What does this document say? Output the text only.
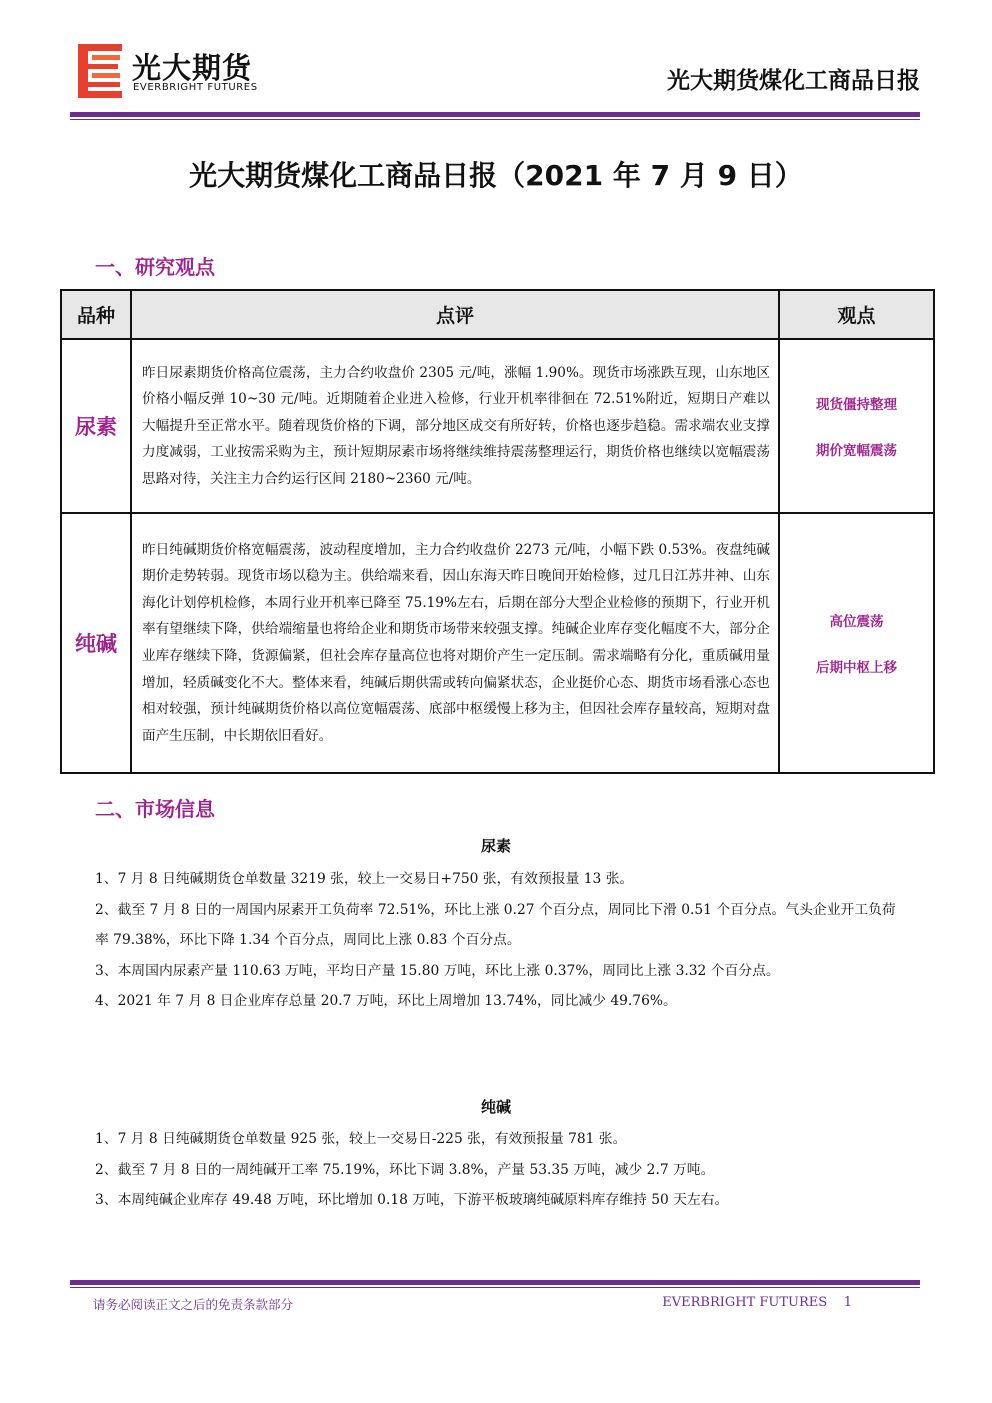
光大期货
EVERBRIGHT FUTURES	光大期货煤化工商品日报
光大期货煤化工商品日报（2021 年 7 月 9 日）
一、研究观点
品种	点评	观点
尿素	昨日尿素期货价格高位震荡，主力合约收盘价 2305 元/吨，涨幅 1.90%。现货市场涨跌互现，山东地区价格小幅反弹 10~30 元/吨。近期随着企业进入检修，行业开机率徘徊在 72.51%附近，短期日产难以大幅提升至正常水平。随着现货价格的下调，部分地区成交有所好转，价格也逐步趋稳。需求端农业支撑力度减弱，工业按需采购为主，预计短期尿素市场将继续维持震荡整理运行，期货价格也继续以宽幅震荡思路对待，关注主力合约运行区间 2180~2360 元/吨。	现货僵持整理
期价宽幅震荡

纯碱	昨日纯碱期货价格宽幅震荡，波动程度增加，主力合约收盘价 2273 元/吨，小幅下跌 0.53%。夜盘纯碱期价走势转弱。现货市场以稳为主。供给端来看，因山东海天昨日晚间开始检修，过几日江苏井神、山东海化计划停机检修，本周行业开机率已降至 75.19%左右，后期在部分大型企业检修的预期下，行业开机率有望继续下降，供给端缩量也将给企业和期货市场带来较强支撑。纯碱企业库存变化幅度不大，部分企业库存继续下降，货源偏紧，但社会库存量高位也将对期价产生一定压制。需求端略有分化，重质碱用量增加，轻质碱变化不大。整体来看，纯碱后期供需或转向偏紧状态，企业挺价心态、期货市场看涨心态也相对较强，预计纯碱期货价格以高位宽幅震荡、底部中枢缓慢上移为主，但因社会库存量较高，短期对盘面产生压制，中长期依旧看好。	高位震荡
后期中枢上移
二、市场信息
尿素

1、7 月 8 日纯碱期货仓单数量 3219 张，较上一交易日+750 张，有效预报量 13 张。

2、截至 7 月 8 日的一周国内尿素开工负荷率 72.51%，环比上涨 0.27 个百分点，周同比下滑 0.51 个百分点。气头企业开工负荷率 79.38%，环比下降 1.34 个百分点，周同比上涨 0.83 个百分点。

3、本周国内尿素产量 110.63 万吨，平均日产量 15.80 万吨，环比上涨 0.37%，周同比上涨 3.32 个百分点。

4、2021 年 7 月 8 日企业库存总量 20.7 万吨，环比上周增加 13.74%，同比减少 49.76%。

纯碱

1、7 月 8 日纯碱期货仓单数量 925 张，较上一交易日-225 张，有效预报量 781 张。

2、截至 7 月 8 日的一周纯碱开工率 75.19%，环比下调 3.8%，产量 53.35 万吨，减少 2.7 万吨。

3、本周纯碱企业库存 49.48 万吨，环比增加 0.18 万吨，下游平板玻璃纯碱原料库存维持 50 天左右。

请务必阅读正文之后的免责条款部分	EVERBRIGHT FUTURES 1
